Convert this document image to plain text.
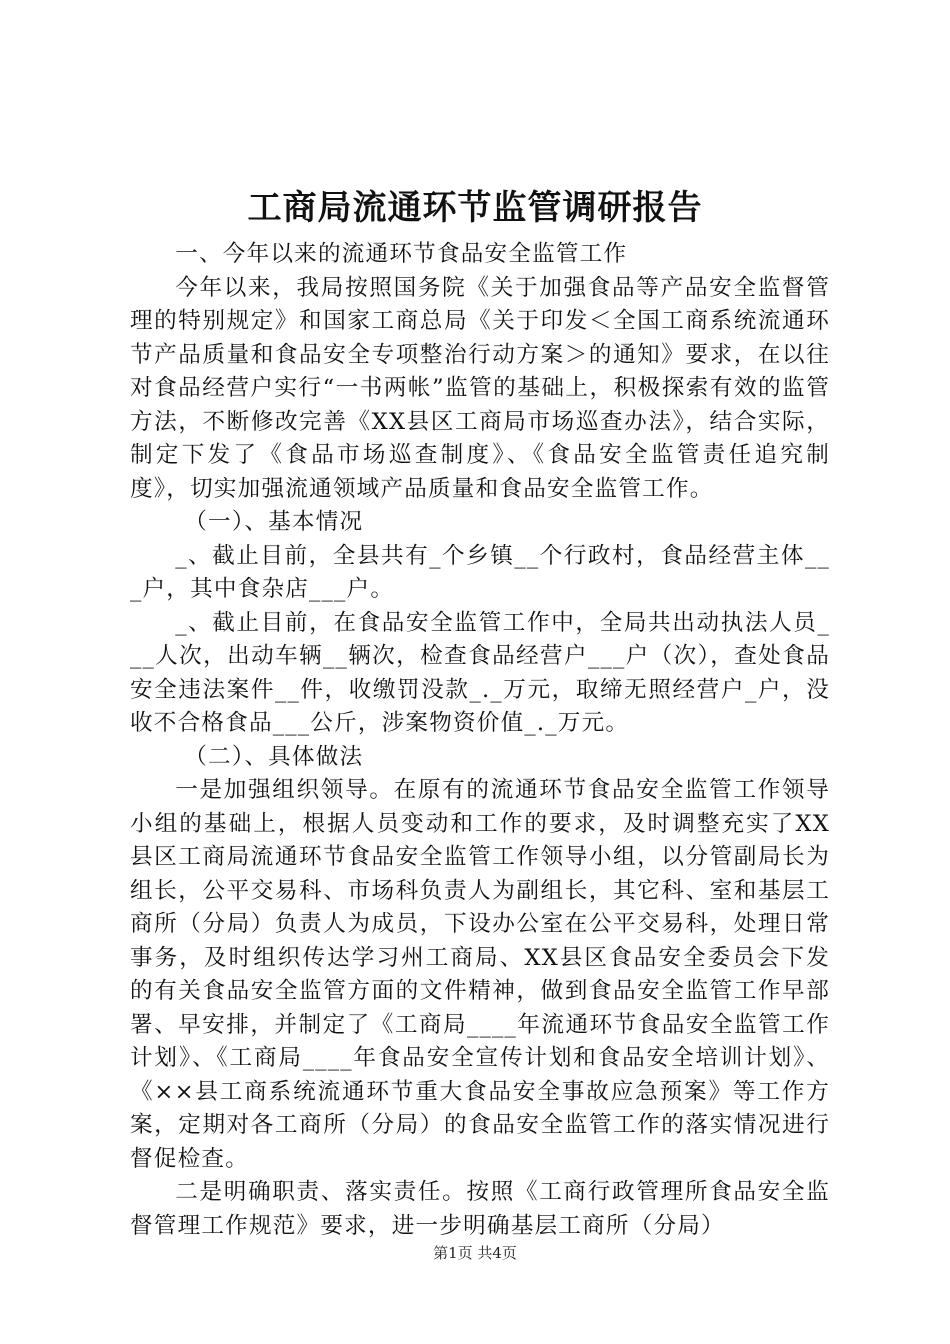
工商局流通环节监管调研报告

一、今年以来的流通环节食品安全监管工作

今年以来，我局按照国务院《关于加强食品等产品安全监督管理的特别规定》和国家工商总局《关于印发＜全国工商系统流通环节产品质量和食品安全专项整治行动方案＞的通知》要求，在以往对食品经营户实行“一书两帐”监管的基础上，积极探索有效的监管方法，不断修改完善《XX县区工商局市场巡查办法》，结合实际，制定下发了《食品市场巡查制度》、《食品安全监管责任追究制度》，切实加强流通领域产品质量和食品安全监管工作。

（一）、基本情况

_、截止目前，全县共有_个乡镇__个行政村，食品经营主体___户，其中食杂店___户。

_、截止目前，在食品安全监管工作中，全局共出动执法人员___人次，出动车辆__辆次，检查食品经营户___户（次），查处食品安全违法案件__件，收缴罚没款_._万元，取缔无照经营户_户，没收不合格食品___公斤，涉案物资价值_._万元。

（二）、具体做法

一是加强组织领导。在原有的流通环节食品安全监管工作领导小组的基础上，根据人员变动和工作的要求，及时调整充实了XX县区工商局流通环节食品安全监管工作领导小组，以分管副局长为组长，公平交易科、市场科负责人为副组长，其它科、室和基层工商所（分局）负责人为成员，下设办公室在公平交易科，处理日常事务，及时组织传达学习州工商局、XX县区食品安全委员会下发的有关食品安全监管方面的文件精神，做到食品安全监管工作早部署、早安排，并制定了《工商局____年流通环节食品安全监管工作计划》、《工商局____年食品安全宣传计划和食品安全培训计划》、《××县工商系统流通环节重大食品安全事故应急预案》等工作方案，定期对各工商所（分局）的食品安全监管工作的落实情况进行督促检查。

二是明确职责、落实责任。按照《工商行政管理所食品安全监督管理工作规范》要求，进一步明确基层工商所（分局）

第1页 共4页
